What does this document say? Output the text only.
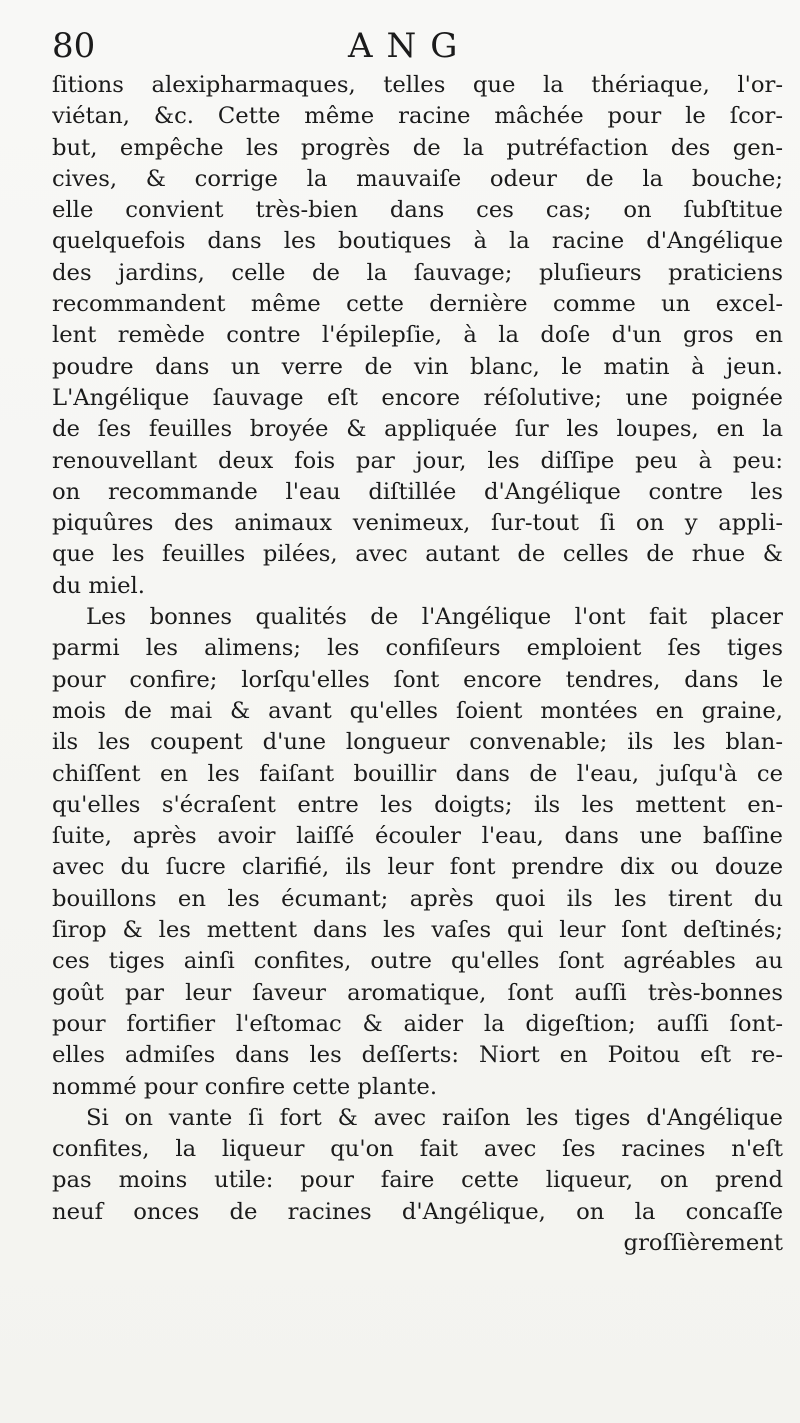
80	ANG
ſitions alexipharmaques, telles que la thériaque, l'or-
viétan, &c. Cette même racine mâchée pour le ſcor-
but, empêche les progrès de la putréfaction des gen-
cives, & corrige la mauvaiſe odeur de la bouche;
elle convient très-bien dans ces cas; on ſubſtitue
quelquefois dans les boutiques à la racine d'Angélique
des jardins, celle de la ſauvage; pluſieurs praticiens
recommandent même cette dernière comme un excel-
lent remède contre l'épilepſie, à la doſe d'un gros en
poudre dans un verre de vin blanc, le matin à jeun.
L'Angélique ſauvage eſt encore réſolutive; une poignée
de ſes feuilles broyée & appliquée ſur les loupes, en la
renouvellant deux fois par jour, les diſſipe peu à peu:
on recommande l'eau diſtillée d'Angélique contre les
piquûres des animaux venimeux, ſur-tout ſi on y appli-
que les feuilles pilées, avec autant de celles de rhue &
du miel.
Les bonnes qualités de l'Angélique l'ont fait placer
parmi les alimens; les confiſeurs emploient ſes tiges
pour confire; lorſqu'elles ſont encore tendres, dans le
mois de mai & avant qu'elles ſoient montées en graine,
ils les coupent d'une longueur convenable; ils les blan-
chiſſent en les faiſant bouillir dans de l'eau, juſqu'à ce
qu'elles s'écraſent entre les doigts; ils les mettent en-
ſuite, après avoir laiſſé écouler l'eau, dans une baſſine
avec du ſucre clarifié, ils leur font prendre dix ou douze
bouillons en les écumant; après quoi ils les tirent du
ſirop & les mettent dans les vaſes qui leur ſont deſtinés;
ces tiges ainſi confites, outre qu'elles ſont agréables au
goût par leur ſaveur aromatique, ſont auſſi très-bonnes
pour fortifier l'eſtomac & aider la digeſtion; auſſi ſont-
elles admiſes dans les deſſerts: Niort en Poitou eſt re-
nommé pour confire cette plante.
Si on vante ſi fort & avec raiſon les tiges d'Angélique
confites, la liqueur qu'on fait avec ſes racines n'eſt
pas moins utile: pour faire cette liqueur, on prend
neuf onces de racines d'Angélique, on la concaſſe
groſſièrement
